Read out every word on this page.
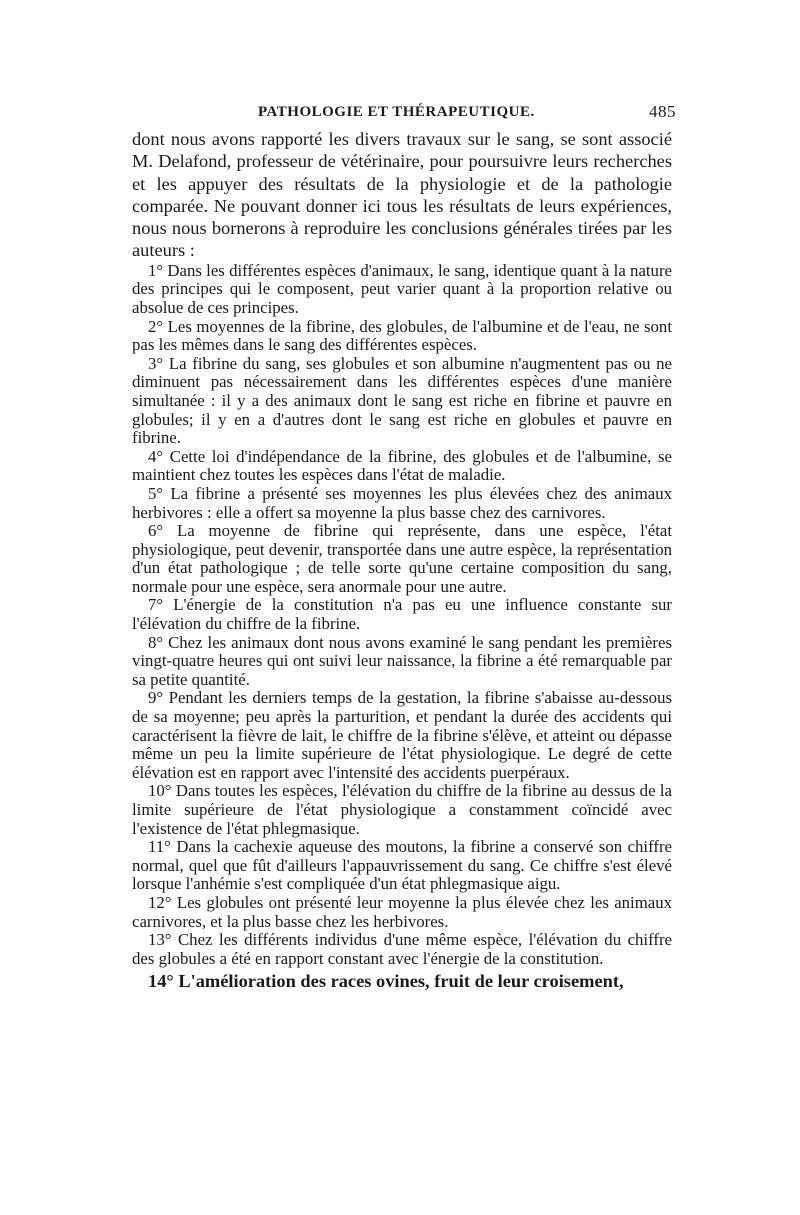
PATHOLOGIE ET THÉRAPEUTIQUE.	485

dont nous avons rapporté les divers travaux sur le sang, se sont associé M. Delafond, professeur de vétérinaire, pour poursuivre leurs recherches et les appuyer des résultats de la physiologie et de la pathologie comparée. Ne pouvant donner ici tous les résultats de leurs expériences, nous nous bornerons à reproduire les conclusions générales tirées par les auteurs :

1° Dans les différentes espèces d'animaux, le sang, identique quant à la nature des principes qui le composent, peut varier quant à la proportion relative ou absolue de ces principes.

2° Les moyennes de la fibrine, des globules, de l'albumine et de l'eau, ne sont pas les mêmes dans le sang des différentes espèces.

3° La fibrine du sang, ses globules et son albumine n'augmentent pas ou ne diminuent pas nécessairement dans les différentes espèces d'une manière simultanée : il y a des animaux dont le sang est riche en fibrine et pauvre en globules; il y en a d'autres dont le sang est riche en globules et pauvre en fibrine.

4° Cette loi d'indépendance de la fibrine, des globules et de l'albumine, se maintient chez toutes les espèces dans l'état de maladie.

5° La fibrine a présenté ses moyennes les plus élevées chez des animaux herbivores : elle a offert sa moyenne la plus basse chez des carnivores.

6° La moyenne de fibrine qui représente, dans une espèce, l'état physiologique, peut devenir, transportée dans une autre espèce, la représentation d'un état pathologique ; de telle sorte qu'une certaine composition du sang, normale pour une espèce, sera anormale pour une autre.

7° L'énergie de la constitution n'a pas eu une influence constante sur l'élévation du chiffre de la fibrine.

8° Chez les animaux dont nous avons examiné le sang pendant les premières vingt-quatre heures qui ont suivi leur naissance, la fibrine a été remarquable par sa petite quantité.

9° Pendant les derniers temps de la gestation, la fibrine s'abaisse au-dessous de sa moyenne; peu après la parturition, et pendant la durée des accidents qui caractérisent la fièvre de lait, le chiffre de la fibrine s'élève, et atteint ou dépasse même un peu la limite supérieure de l'état physiologique. Le degré de cette élévation est en rapport avec l'intensité des accidents puerpéraux.

10° Dans toutes les espèces, l'élévation du chiffre de la fibrine au dessus de la limite supérieure de l'état physiologique a constamment coïncidé avec l'existence de l'état phlegmasique.

11° Dans la cachexie aqueuse des moutons, la fibrine a conservé son chiffre normal, quel que fût d'ailleurs l'appauvrissement du sang. Ce chiffre s'est élevé lorsque l'anhémie s'est compliquée d'un état phlegmasique aigu.

12° Les globules ont présenté leur moyenne la plus élevée chez les animaux carnivores, et la plus basse chez les herbivores.

13° Chez les différents individus d'une même espèce, l'élévation du chiffre des globules a été en rapport constant avec l'énergie de la constitution.

14° L'amélioration des races ovines, fruit de leur croisement,
